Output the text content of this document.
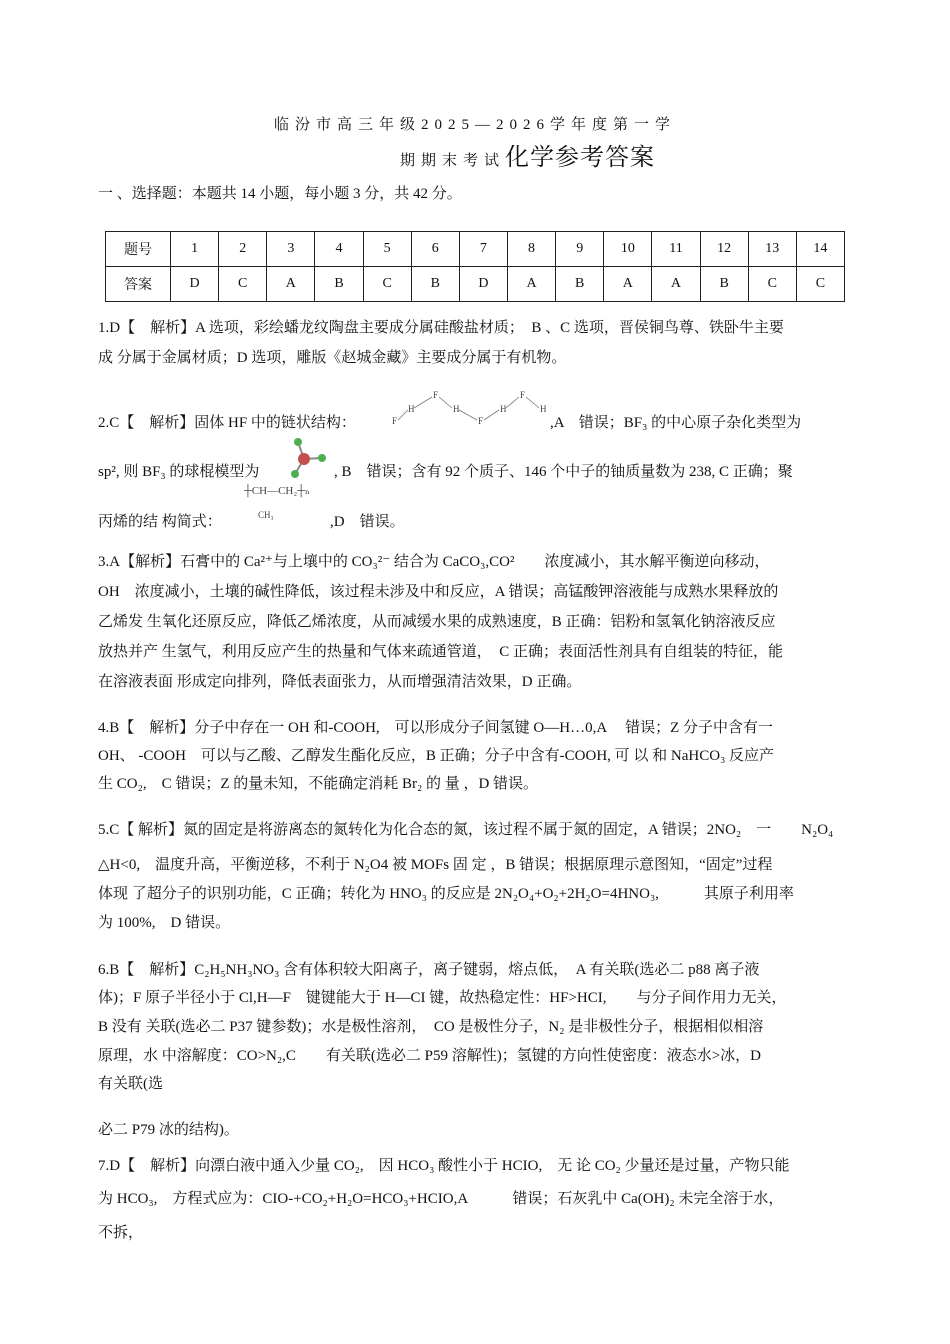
临汾市高三年级2025—2026学年度第一学
期期末考试化学参考答案
一 、选择题：本题共 14 小题，每小题 3 分，共 42 分。
题号	1	2	3	4	5	6	7	8	9	10	11	12	13	14
答案	D	C	A	B	C	B	D	A	B	A	A	B	C	C
1.D【　解析】A 选项，彩绘蟠龙纹陶盘主要成分属硅酸盐材质；　B 、C 选项，晋侯铜鸟尊、铁卧牛主要
成 分属于金属材质；D 选项，雕版《赵城金藏》主要成分属于有机物。
2.C【　解析】固体 HF 中的链状结构：	F
H
F
H
F
H
F
H
,A　错误；BF₃ 的中心原子杂化类型为
sp², 则 BF₃ 的球棍模型为	, B　错误；含有 92 个质子、146 个中子的铀质量数为 238, C 正确；聚
丙烯的结 构简式：
┼CH—CH₂┼ₙ
CH₃	,D　错误。
3.A【解析】石膏中的 Ca²⁺与上壤中的 CO₃²⁻ 结合为 CaCO₃,CO²　　浓度减小，其水解平衡逆向移动，
OH　浓度减小，土壤的碱性降低，该过程未涉及中和反应，A 错误；高锰酸钾溶液能与成熟水果释放的
乙烯发 生氧化还原反应，降低乙烯浓度，从而减缓水果的成熟速度，B 正确：铝粉和氢氧化钠溶液反应
放热并产 生氢气，利用反应产生的热量和气体来疏通管道，　C 正确；表面活性剂具有自组装的特征，能
在溶液表面 形成定向排列，降低表面张力，从而增强清洁效果，D 正确。
4.B【　解析】分子中存在一 OH 和-COOH,　可以形成分子间氢键 O—H…0,A　 错误；Z 分子中含有一
OH、 -COOH　可以与乙酸、乙醇发生酯化反应，B 正确；分子中含有-COOH, 可 以 和 NaHCO₃ 反应产
生 CO₂,　C 错误；Z 的量未知，不能确定消耗 Br₂ 的 量 ，D 错误。
5.C【 解析】氮的固定是将游离态的氮转化为化合态的氮，该过程不属于氮的固定，A 错误；2NO₂　一　　N₂O₄
△H<0,　温度升高，平衡逆移，不利于 N₂O4 被 MOFs 固 定 ，B 错误；根据原理示意图知，“固定”过程
体现 了超分子的识别功能，C 正确；转化为 HNO₃ 的反应是 2N₂O₄+O₂+2H₂O=4HNO₃,　　　其原子利用率
为 100%,　D 错误。
6.B【　解析】C₂H₅NH₃NO₃ 含有体积较大阳离子，离子键弱，熔点低，　A 有关联(选必二 p88 离子液
体)；F 原子半径小于 Cl,H—F　键键能大于 H—CI 键，故热稳定性：HF>HCI,　　与分子间作用力无关，
B 没有 关联(选必二 P37 键参数)；水是极性溶剂，　CO 是极性分子，N₂ 是非极性分子，根据相似相溶
原理，水 中溶解度：CO>N₂,C　　有关联(选必二 P59 溶解性)；氢键的方向性使密度：液态水>冰，D
有关联(选
必二 P79 冰的结构)。
7.D【　解析】向漂白液中通入少量 CO₂,　因 HCO₃ 酸性小于 HCIO,　无 论 CO₂ 少量还是过量，产物只能
为 HCO₃,　方程式应为：CIO-+CO₂+H₂O=HCO₃+HCIO,A　　　错误；石灰乳中 Ca(OH)₂ 未完全溶于水，
不拆，
